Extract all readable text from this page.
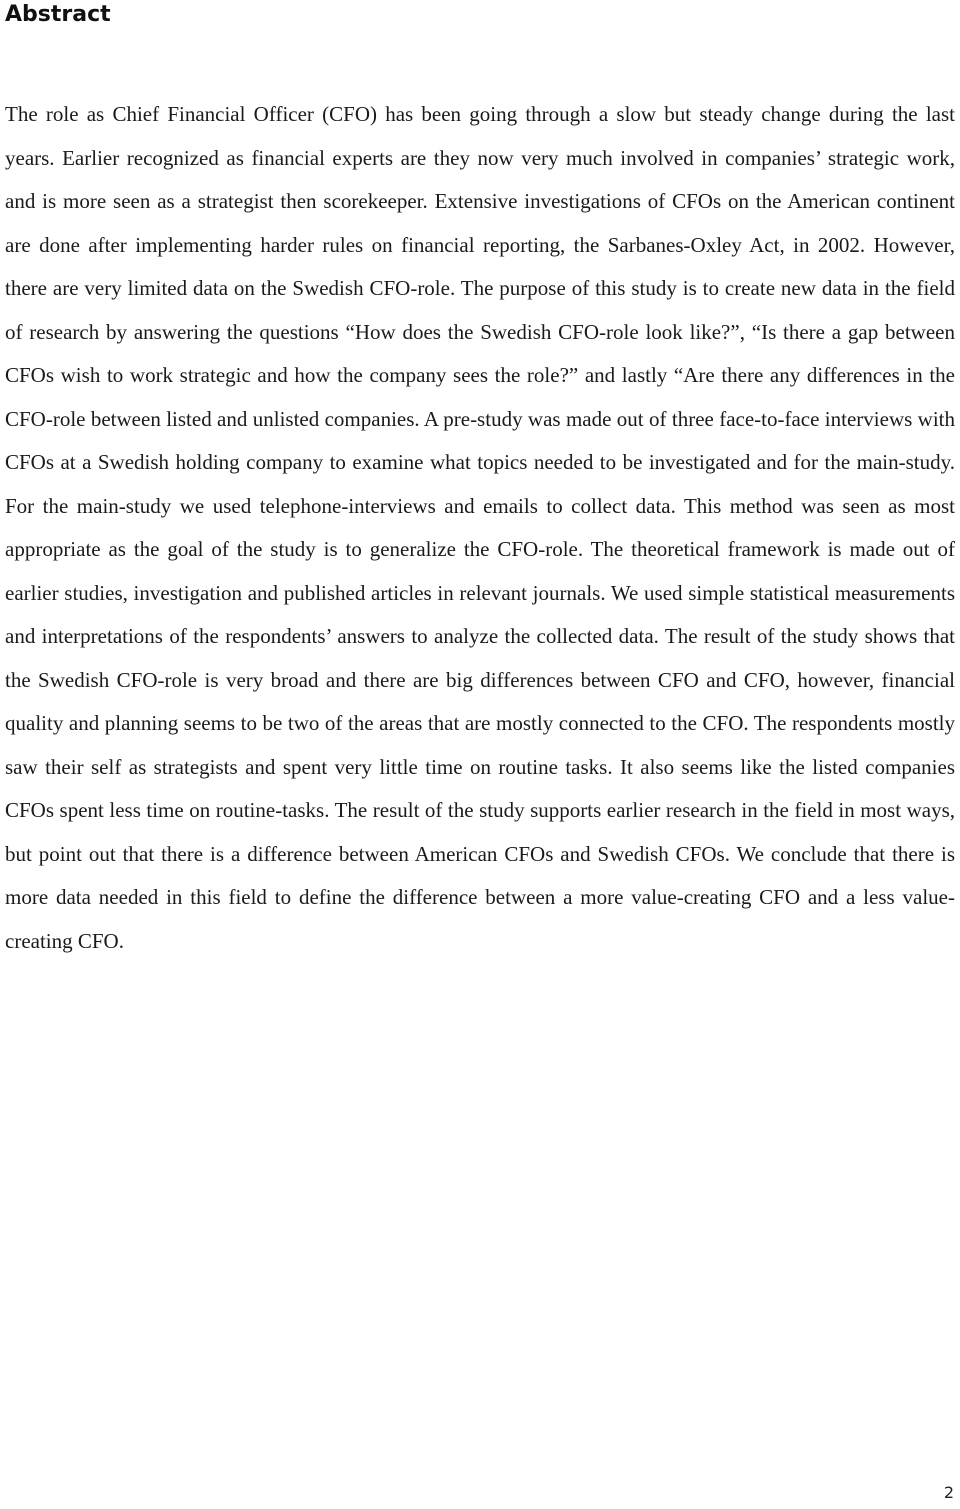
Abstract

The role as Chief Financial Officer (CFO) has been going through a slow but steady change during the last years. Earlier recognized as financial experts are they now very much involved in companies’ strategic work, and is more seen as a strategist then scorekeeper. Extensive investigations of CFOs on the American continent are done after implementing harder rules on financial reporting, the Sarbanes-Oxley Act, in 2002. However, there are very limited data on the Swedish CFO-role. The purpose of this study is to create new data in the field of research by answering the questions “How does the Swedish CFO-role look like?”, “Is there a gap between CFOs wish to work strategic and how the company sees the role?” and lastly “Are there any differences in the CFO-role between listed and unlisted companies. A pre-study was made out of three face-to-face interviews with CFOs at a Swedish holding company to examine what topics needed to be investigated and for the main-study. For the main-study we used telephone-interviews and emails to collect data. This method was seen as most appropriate as the goal of the study is to generalize the CFO-role. The theoretical framework is made out of earlier studies, investigation and published articles in relevant journals. We used simple statistical measurements and interpretations of the respondents’ answers to analyze the collected data. The result of the study shows that the Swedish CFO-role is very broad and there are big differences between CFO and CFO, however, financial quality and planning seems to be two of the areas that are mostly connected to the CFO. The respondents mostly saw their self as strategists and spent very little time on routine tasks. It also seems like the listed companies CFOs spent less time on routine-tasks. The result of the study supports earlier research in the field in most ways, but point out that there is a difference between American CFOs and Swedish CFOs. We conclude that there is more data needed in this field to define the difference between a more value-creating CFO and a less value-creating CFO.

2
